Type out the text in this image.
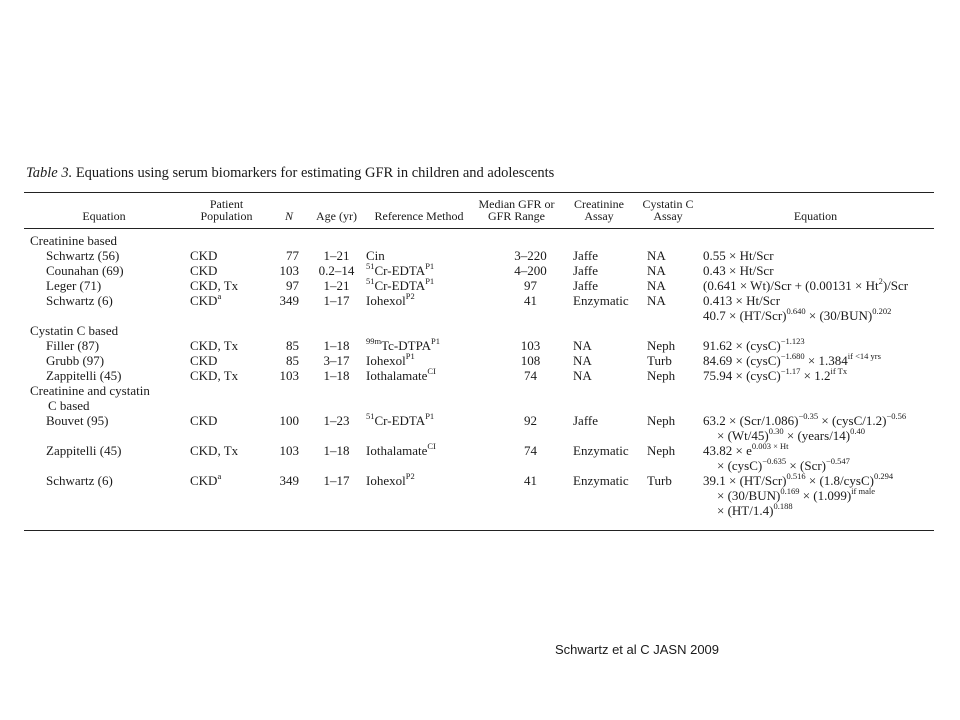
Table 3. Equations using serum biomarkers for estimating GFR in children and adolescents
Equation	Patient Population	N	Age (yr)	Reference Method	Median GFR or GFR Range	Creatinine Assay	Cystatin C Assay	Equation
Creatinine based								
Schwartz (56)	CKD	77	1–21	Cin	3–220	Jaffe	NA	0.55 × Ht/Scr
Counahan (69)	CKD	103	0.2–14	$^{51}Cr-EDTA^{P1}$	4–200	Jaffe	NA	0.43 × Ht/Scr
Leger (71)	CKD, Tx	97	1–21	$^{51}Cr-EDTA^{P1}$	97	Jaffe	NA	$(0.641 \times Wt)/Scr + (0.00131 \times Ht^2)$/Scr
Schwartz (6)	CKD$^a$	349	1–17	Iohexol$^{P2}$	41	Enzymatic	NA	0.413 × Ht/Scr
								$40.7 \times (HT/Scr)^{0.640} \times (30/BUN)^{0.202}$
Cystatin C based								
Filler (87)	CKD, Tx	85	1–18	$^{99m}Tc-DTPA^{P1}$	103	NA	Neph	91.62 × (cysC)$^{-1.123}$
Grubb (97)	CKD	85	3–17	Iohexol$^{P1}$	108	NA	Turb	84.69 × (cysC)$^{-1.680}$ × $1.384^{if <14 yrs}$
Zappitelli (45)	CKD, Tx	103	1–18	Iothalamate$^{CI}$	74	NA	Neph	75.94 × (cysC)$^{-1.17}$ × $1.2^{if Tx}$
Creatinine and cystatin								
C based								
Bouvet (95)	CKD	100	1–23	$^{51}Cr-EDTA^{P1}$	92	Jaffe	Neph	$63.2 \times (Scr/1.086)^{-0.35}$ × (cysC/1.2)$^{-0.56}$
								× $(Wt/45)^{0.30}$ × (years/14)$^{0.40}$
Zappitelli (45)	CKD, Tx	103	1–18	Iothalamate$^{CI}$	74	Enzymatic	Neph	$43.82 \times e^{0.003 \times Ht}$
								× (cysC)$^{-0.635}$ × (Scr)$^{-0.547}$
Schwartz (6)	CKD$^a$	349	1–17	Iohexol$^{P2}$	41	Enzymatic	Turb	$39.1 \times (HT/Scr)^{0.516}$ × (1.8/cysC)$^{0.294}$
								× $(30/BUN)^{0.169} \times (1.099)^{if male}$
								× $(HT/1.4)^{0.188}$
Schwartz et al C JASN 2009
